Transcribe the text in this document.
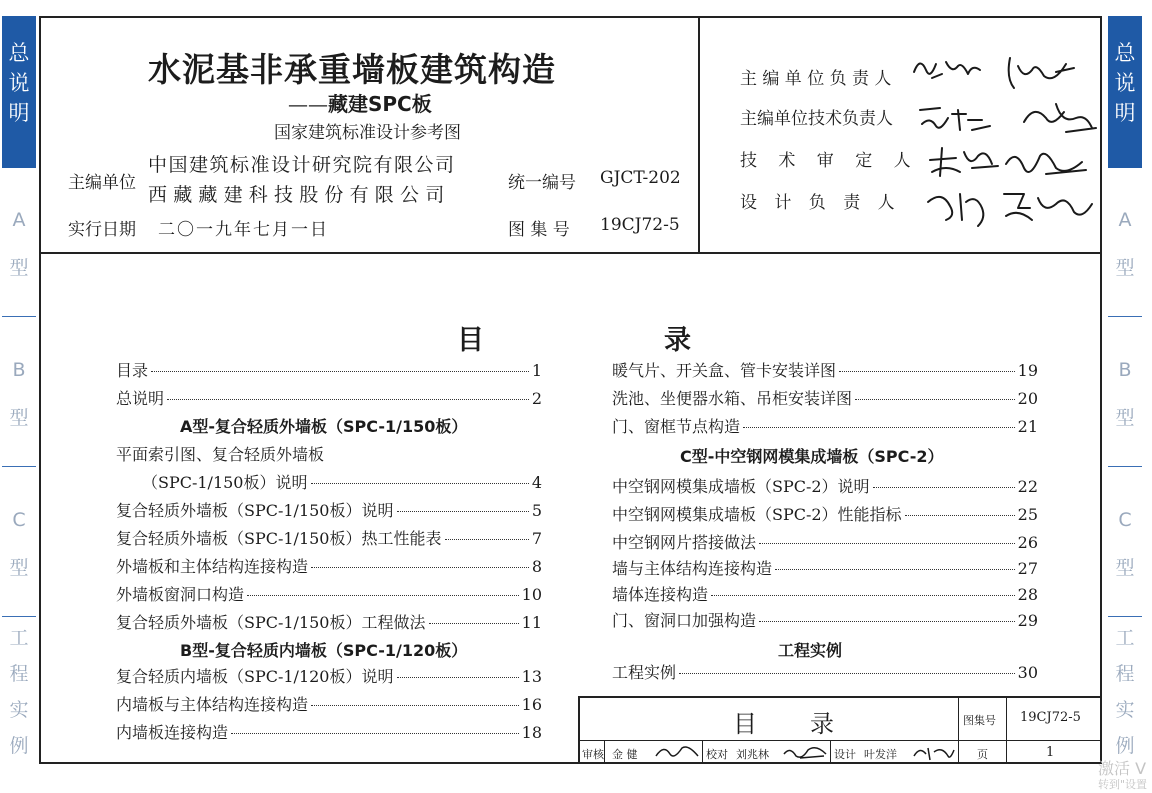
总说明
A型
B型
C型
工程实例
总说明
A型
B型
C型
工程实例
水泥基非承重墙板建筑构造
——藏建SPC板
国家建筑标准设计参考图
主编单位
中国建筑标准设计研究院有限公司
西藏藏建科技股份有限公司
实行日期 二〇一九年七月一日
统一编号 GJCT-202
图 集 号 19CJ72-5
主 编 单 位 负 责 人
主编单位技术负责人
技 术 审 定 人
设 计 负 责 人
目	录
目录	1
总说明	2
A型-复合轻质外墙板（SPC-1/150板）
平面索引图、复合轻质外墙板
（SPC-1/150板）说明	4
复合轻质外墙板（SPC-1/150板）说明	5
复合轻质外墙板（SPC-1/150板）热工性能表	7
外墙板和主体结构连接构造	8
外墙板窗洞口构造	10
复合轻质外墙板（SPC-1/150板）工程做法	11
B型-复合轻质内墙板（SPC-1/120板）
复合轻质内墙板（SPC-1/120板）说明	13
内墙板与主体结构连接构造	16
内墙板连接构造	18
暖气片、开关盒、管卡安装详图	19
洗池、坐便器水箱、吊柜安装详图	20
门、窗框节点构造	21
C型-中空钢网模集成墙板（SPC-2）
中空钢网模集成墙板（SPC-2）说明	22
中空钢网模集成墙板（SPC-2）性能指标	25
中空钢网片搭接做法	26
墙与主体结构连接构造	27
墙体连接构造	28
门、窗洞口加强构造	29
工程实例
工程实例	30
目 录	图集号 19CJ72-5
页	1
审核 金 健	校对 刘兆林	设计 叶发洋
激活 V
转到"设置
